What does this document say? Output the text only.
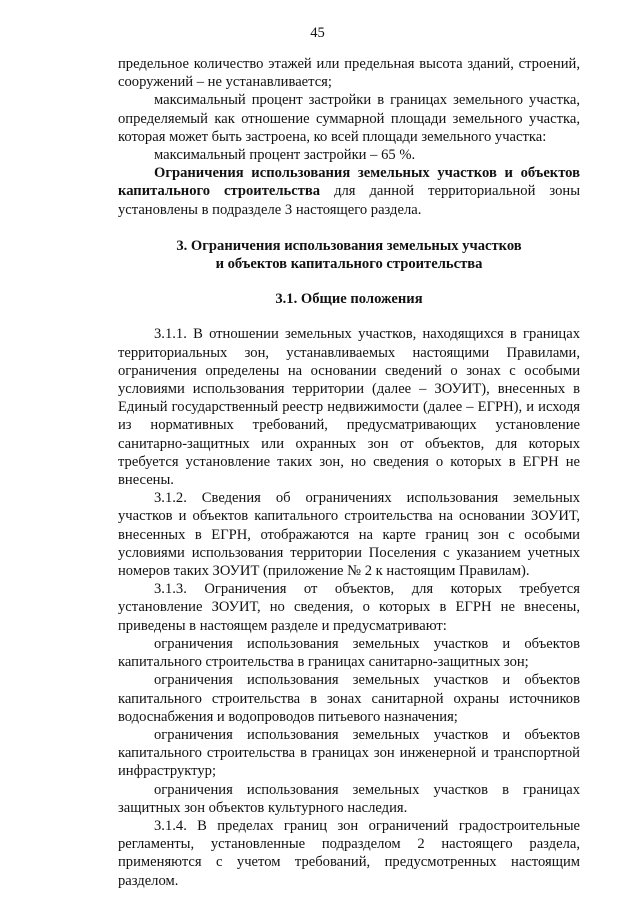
45

предельное количество этажей или предельная высота зданий, строений, сооружений – не устанавливается;

максимальный процент застройки в границах земельного участка, определяемый как отношение суммарной площади земельного участка, которая может быть застроена, ко всей площади земельного участка:

максимальный процент застройки – 65 %.

Ограничения использования земельных участков и объектов капитального строительства для данной территориальной зоны установлены в подразделе 3 настоящего раздела.

3. Ограничения использования земельных участков

и объектов капитального строительства

3.1. Общие положения

3.1.1. В отношении земельных участков, находящихся в границах территориальных зон, устанавливаемых настоящими Правилами, ограничения определены на основании сведений о зонах с особыми условиями использования территории (далее – ЗОУИТ), внесенных в Единый государственный реестр недвижимости (далее – ЕГРН), и исходя из нормативных требований, предусматривающих установление санитарно-защитных или охранных зон от объектов, для которых требуется установление таких зон, но сведения о которых в ЕГРН не внесены.

3.1.2. Сведения об ограничениях использования земельных участков и объектов капитального строительства на основании ЗОУИТ, внесенных в ЕГРН, отображаются на карте границ зон с особыми условиями использования территории Поселения с указанием учетных номеров таких ЗОУИТ (приложение № 2 к настоящим Правилам).

3.1.3. Ограничения от объектов, для которых требуется установление ЗОУИТ, но сведения, о которых в ЕГРН не внесены, приведены в настоящем разделе и предусматривают:

ограничения использования земельных участков и объектов капитального строительства в границах санитарно-защитных зон;

ограничения использования земельных участков и объектов капитального строительства в зонах санитарной охраны источников водоснабжения и водопроводов питьевого назначения;

ограничения использования земельных участков и объектов капитального строительства в границах зон инженерной и транспортной инфраструктур;

ограничения использования земельных участков в границах защитных зон объектов культурного наследия.

3.1.4. В пределах границ зон ограничений градостроительные регламенты, установленные подразделом 2 настоящего раздела, применяются с учетом требований, предусмотренных настоящим разделом.
